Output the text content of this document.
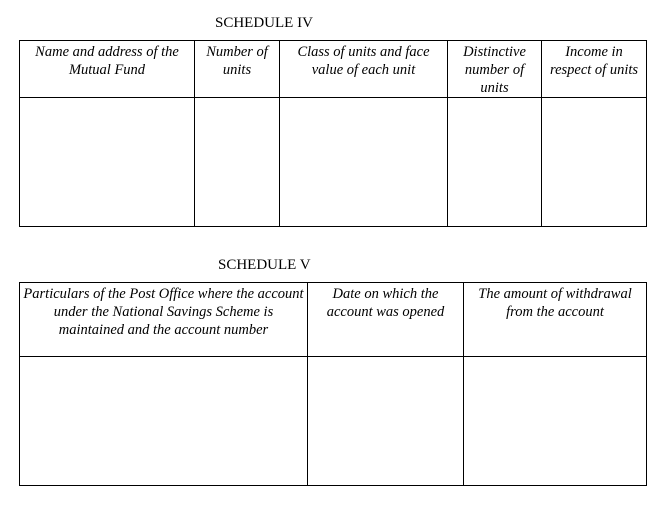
SCHEDULE IV
Name and address of the Mutual Fund	Number of units	Class of units and face value of each unit	Distinctive number of units	Income in respect of units

SCHEDULE V
Particulars of the Post Office where the account under the National Savings Scheme is maintained and the account number	Date on which the account was opened	The amount of withdrawal from the account
